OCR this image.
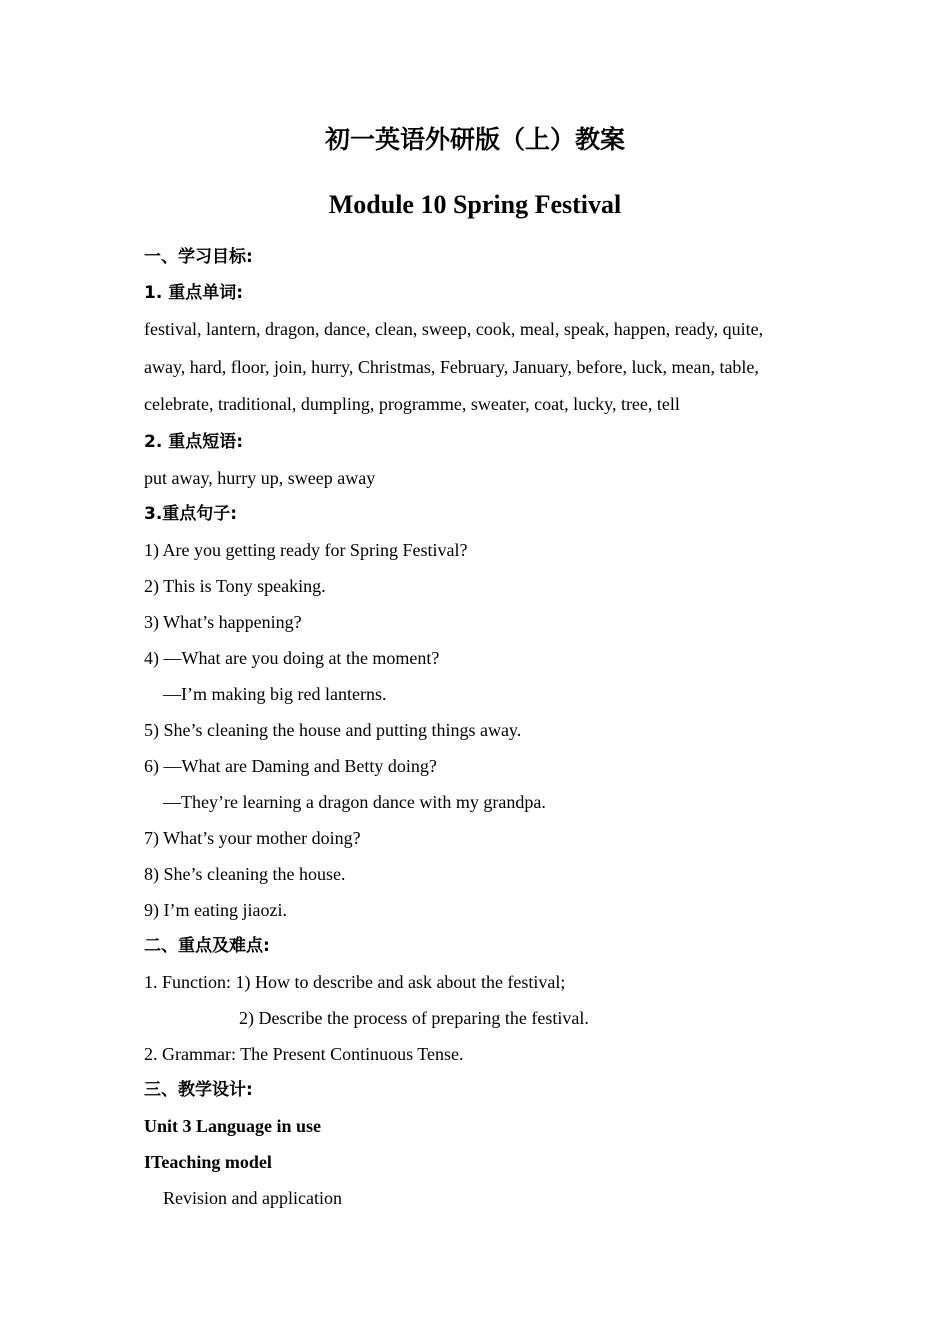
初一英语外研版（上）教案
Module 10 Spring Festival
一、学习目标:
1. 重点单词:
festival, lantern, dragon, dance, clean, sweep, cook, meal, speak, happen, ready, quite,
away, hard, floor, join, hurry, Christmas, February, January, before, luck, mean, table,
celebrate, traditional, dumpling, programme, sweater, coat, lucky, tree, tell
2. 重点短语:
put away, hurry up, sweep away
3.重点句子:
1) Are you getting ready for Spring Festival?
2) This is Tony speaking.
3) What’s happening?
4) —What are you doing at the moment?
—I’m making big red lanterns.
5) She’s cleaning the house and putting things away.
6) —What are Daming and Betty doing?
—They’re learning a dragon dance with my grandpa.
7) What’s your mother doing?
8) She’s cleaning the house.
9) I’m eating jiaozi.
二、重点及难点:
1. Function: 1) How to describe and ask about the festival;
2) Describe the process of preparing the festival.
2. Grammar: The Present Continuous Tense.
三、教学设计:
Unit 3 Language in use
ITeaching model
Revision and application
